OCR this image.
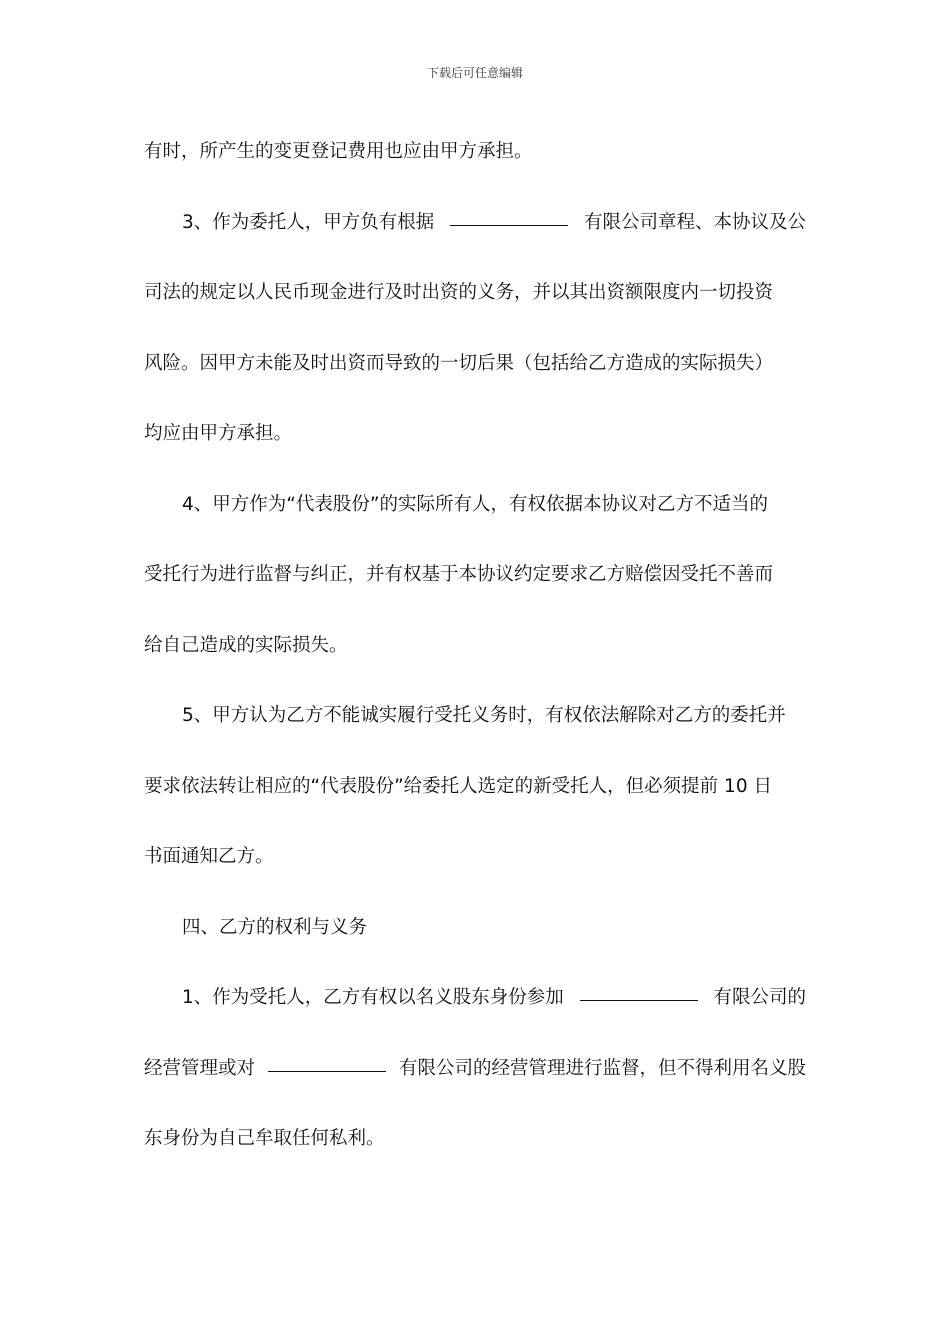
下载后可任意编辑
有时，所产生的变更登记费用也应由甲方承担。
3、作为委托人，甲方负有根据	有限公司章程、本协议及公
司法的规定以人民币现金进行及时出资的义务，并以其出资额限度内一切投资
风险。因甲方未能及时出资而导致的一切后果（包括给乙方造成的实际损失）
均应由甲方承担。
4、甲方作为“代表股份”的实际所有人，有权依据本协议对乙方不适当的
受托行为进行监督与纠正，并有权基于本协议约定要求乙方赔偿因受托不善而
给自己造成的实际损失。
5、甲方认为乙方不能诚实履行受托义务时，有权依法解除对乙方的委托并
要求依法转让相应的“代表股份”给委托人选定的新受托人，但必须提前 10 日
书面通知乙方。
四、乙方的权利与义务
1、作为受托人，乙方有权以名义股东身份参加	有限公司的
经营管理或对	有限公司的经营管理进行监督，但不得利用名义股
东身份为自己牟取任何私利。
